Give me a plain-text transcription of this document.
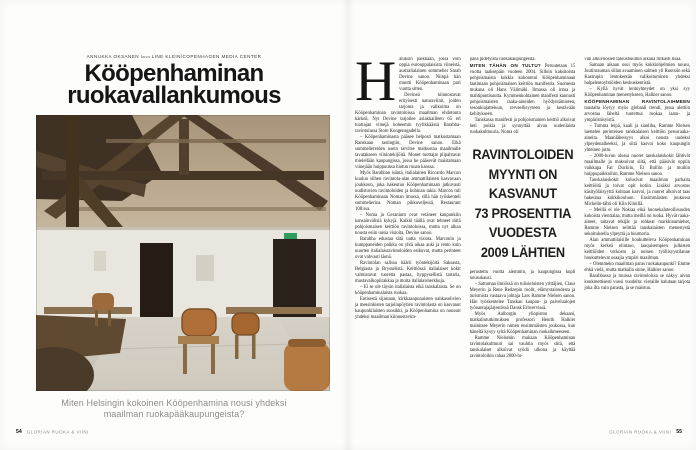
ANNUKKA OKSANEN kuva LINE KLEIN/COPENHAGEN MEDIA CENTER
Kööpenhaminan
ruokavallankumous
Miten Helsingin kokoinen Kööpenhamina nousi yhdeksi
maailman ruokapääkaupungeista?
54 GLORIAN RUOKA & VIINI
H aluksin paikkaan, jossa voin oppia eurooppalaisista viineistä, australialainen sommelier Sarah Devine sanoo. Niinpä hän muutti Kööpenhaminaan pari vuotta sitten.

Devineä kiinnostavat erityisesti naturaviinit, joiden tarjonta ja valikoima on Kööpenhaminan ravintoloissa maailman ehdotonta kärkeä. Nyt Devine tarjoilee asiakkailleen 65 eri tuottajan viinejä boheemin tyylikkäässä Barabba-ravintolassa Store Kongensgadella.

– Kööpenhaminasta pääsee helposti matkustamaan Ranskaan tastingiin, Devine sanoo. Eikä sommeliereiden usein tarvitse matkustaa maailmalle tavatakseen viinintekijöitä. Monet tuottajat piipahtavat mielellään kaupungissa, jossa he pääsevät maistamaan viinejään huippuunsa hiotun ruuan kanssa.

Myös Barabban isäntä, italialainen Riccardo Marcon kuuluu siihen ravintola-alan ammattilaisten kasvavaan joukkoon, joka hakeutuu Kööpenhaminaan jatkuvasti uudistuvien ravintoloiden ja kuhinan takia. Marcon tuli Kööpenhaminaan Noman imussa, sillä hän työskenteli sommelierina Noman pikkuveljessä, Restaurant 108:ssa.

– Noma ja Geranium ovat vetäneet kaupunkiin kansainvälisiä kykyjä. Kaikki täällä ovat tehneet töitä pohjoismaisen keittiön ravintoloissa, mutta nyt alkaa nousta esiin uusia visioita, Devine sanoo.

Barabba edustaa tätä uutta visiota. Marconin ja kumppaneiden paikka on yhtä aikaa auki ja rento kuin nuorten italialaisravintoloiden esikuvat, mutta perinteet ovat vahvasti läsnä.

Ravintolan salissa häärii työntekijöitä Saksasta, Belgiasta ja Brysselistä. Keittiössä italialaiset kokit valmistavat tuoretta pastaa, hyppysellistä tartaria, mustavalkopiirakkaa ja muita italialaisherkkuja.

– Ei se ole täysin italialaista eikä tanskalaista. Se on kööpenhaminalaista ruokaa.

Entisestä sijastaan, kirkkaanpunaisten nahkasohvien ja messinkisten tarjoilupöytien ravintolasta on kasvanut kaupunkilaisten suosikki, ja Kööpenhamina on noussut yhdeksi maailman kiinnostavim-

pana pidetyistä ruokakaupungeista.

MITEN TÄHÄN ON TULTU? Peruutetaan 15 vuotta taaksepäin vuoteen 2004. Silloin kaksitoista pohjoismaista kokkia kokoontui Kööpenhaminaan laatimaan pohjoismaisen keittiön manifestia. Suomesta mukana oli Hans Välimäki. Ilmassa oli intoa ja mahtipontisuutta. Kymmenkohtainen manifesti kannusti pohjoismaisten raaka-aineiden hyödyntämiseen, sesonkiajatteluun, terveellisyyteen ja kestävään kehitykseen.

Tanskassa manifesti ja pohjoismainen keittiö alkoivat heti poikia ja synnyttää aivan uudenlaista ruokakulttuuria. Noma oli

RAVINTOLOIDEN
MYYNTI ON
KASVANUT
73 PROSENTTIA
VUODESTA
2009 LÄHTIEN

perustettu vuotta aiemmin, ja kaupungissa kupli nousukausi.

– Sattumaa ilmiössä on tulisieluisten yrittäjien, Claus Meyerin ja Rene Redzepin roolit, elämystaloudesta ja turismista vastaava johtaja Lars Ramme Nielsen sanoo. Hän työskentelee Tanskan kaupan- ja palvelualojen työnantajajärjestössä Dansk Erhvervissä.

Myös Aalborgin yliopiston dekaani, matkailututkimuksen professori Henrik Halkier mainitsee Meyerin nimen ensimmäisten joukossa, kun häneltä kysyy syitä Kööpenhaminan ruokaihmeeseen.

Ramme Nielsenin mukaan Kööpenhaminan ravintolakulttuuri sai vauhtia myös siitä, että tanskalaiset alkoivat syödä ulkona ja käyttää ravintoloihin rahaa 2000-lu-

vun alkuvuosien talousbuumin aikana rutkasti lisää.

Samaan aikaan osui myös kokkiohjelmien nousu, Juutinrauman sillan avaaminen salmen yli Ruotsiin sekä Kastrupin lentokentän valikoituminen yhdeksi halpalentoyhtiöiden keskuskentistä.

– Kyllä hyvät lentoyhteydet on yksi syy Kööpenhaminan menestykseen, Halkier sanoo.

KÖÖPENHAMINAN RAVINTOLAIHMEEN taustalta löytyy myös globaali trendi, jossa alettiin arvostaa läheltä tuotettua ruokaa laatu- ja ympäristösyistä.

– Tumma leipä, kaali ja sianliha, Ramme Nielsen luettelee perinteisen tanskalaisen keittiön perusraaka-aineita. Maanläheisyys alkoi nousta uudeksi ylpeydenaiheeksi, ja siitä kasvoi koko kaupungin yhteinen juttu.

– 2000-luvun alussa nuoret tanskalaiskokit lähtivät maailmalle ja maksoivat siitä, että pääsivät oppiin vaikkapa Fat Duckiin, El Bulliin ja muihin huippupaikkoihin, Ramme Nielsen sanoo.

Tanskalaiskokit kolusivat maailman parhaita keittiöitä ja toivat opit kotiin. Lisäksi arvostus käsityöläisyyttä kohtaan kasvoi, ja nuoret alkoivat taas hakeutua kokkikouluun. Ensimmäisten joukossa Michelin-tähti oli Kiin Kiinillä.

– Meillä ei ole Nokiaa eikä huonekaluteollisuuden kokoista vientialaa, mutta meillä on ruoka. Hyvät raaka-aineet, taitavat tekijät ja rohkeat markkinamiehet, Ramme Nielsen selittää tanskalaisten menestystä sekoituksella ylpeyttä ja huumoria.

Alan ammattilaisille houkutteleva Kööpenhaminan myös kerkeä elintaso, laaquisempien julkisten keittiöiden verkosto ja noinen työllisyystilanne houkuttelevat osaajia ympäri maailman.

– Olemmeko maailman paras ruokakaupunki? Emme ehkä vielä, mutta matkalla sinne, Halkier sanoo.

Barabbassa ja muissa ravintoloissa se näkyy aivan konkreettisesti vuosi vuodelta: vieraille halutaan tarjota joka ilta vain parasta, ja se maistuu.

GLORIAN RUOKA & VIINI 55
